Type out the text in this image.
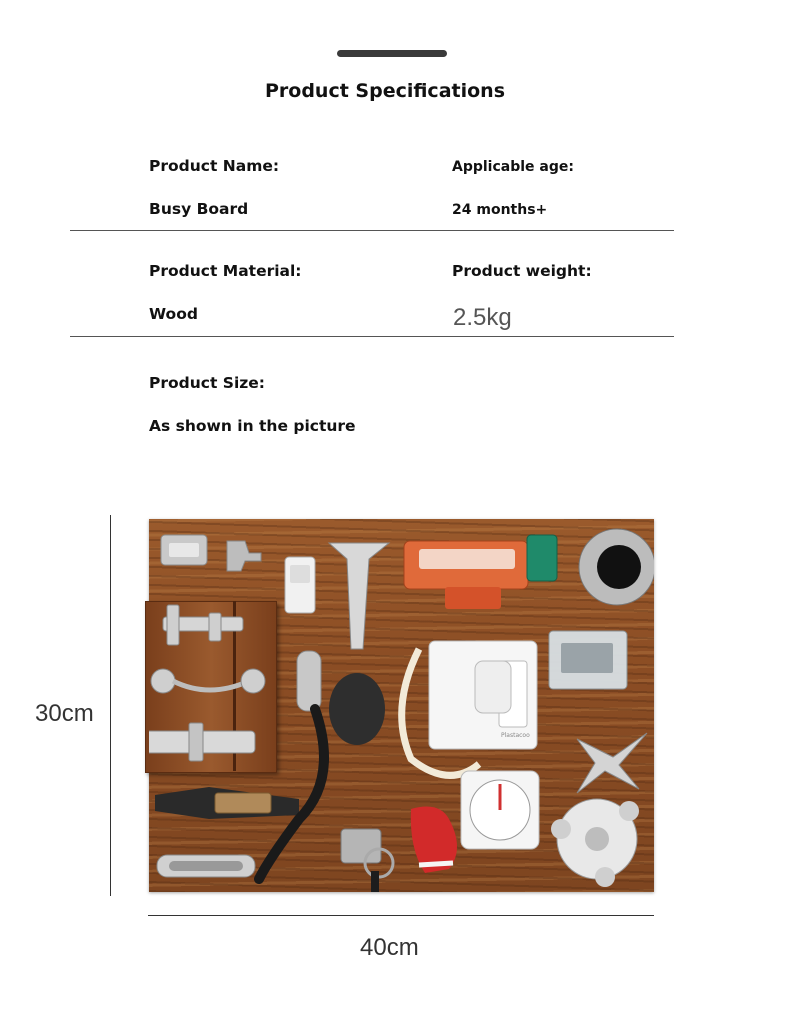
Product Specifications
Product Name:	Applicable age:
Busy Board	24 months+
Product Material:	Product weight:
Wood	2.5kg
Product Size:
As shown in the picture
30cm
Plastacoo
40cm
